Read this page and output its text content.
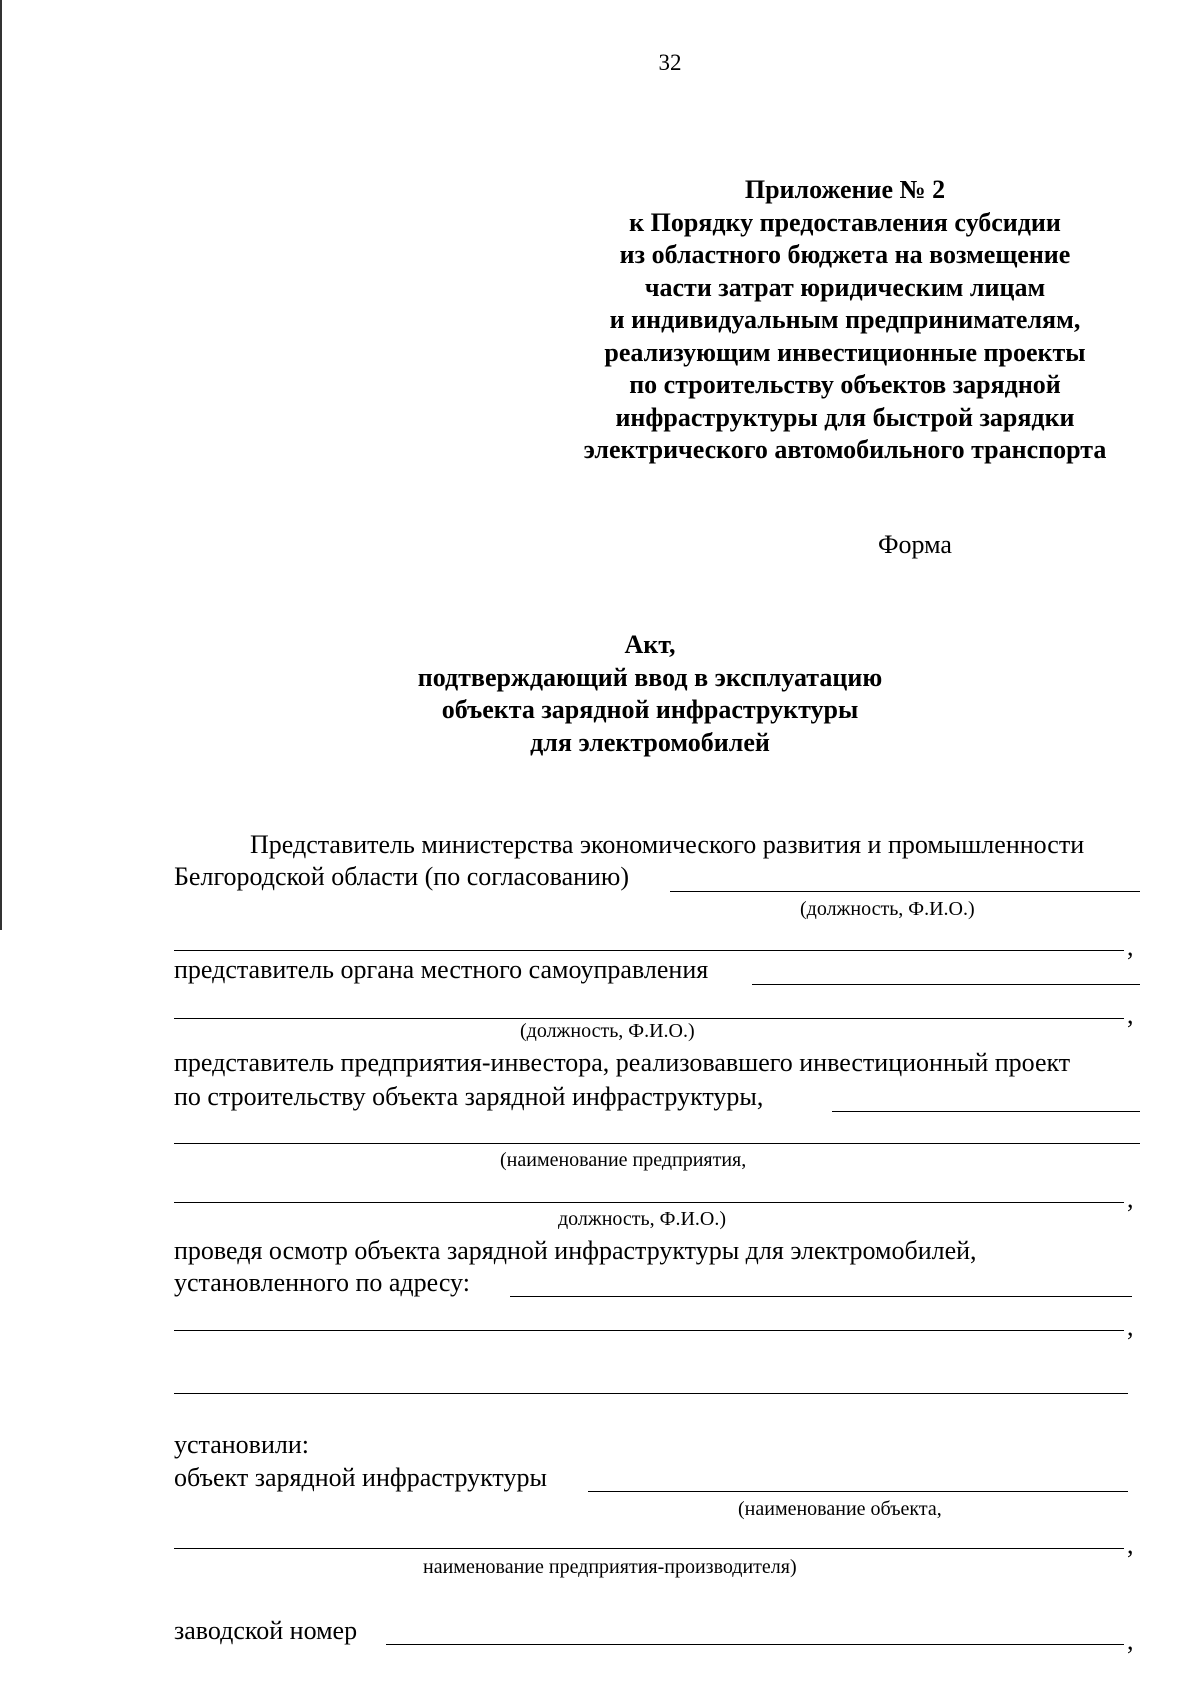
32
Приложение № 2
к Порядку предоставления субсидии
из областного бюджета на возмещение
части затрат юридическим лицам
и индивидуальным предпринимателям,
реализующим инвестиционные проекты
по строительству объектов зарядной
инфраструктуры для быстрой зарядки
электрического автомобильного транспорта
Форма
Акт,
подтверждающий ввод в эксплуатацию
объекта зарядной инфраструктуры
для электромобилей
Представитель министерства экономического развития и промышленности
Белгородской области (по согласованию)
(должность, Ф.И.О.)
,
представитель органа местного самоуправления
,
(должность, Ф.И.О.)
представитель предприятия-инвестора, реализовавшего инвестиционный проект
по строительству объекта зарядной инфраструктуры,
(наименование предприятия,
,
должность, Ф.И.О.)
проведя осмотр объекта зарядной инфраструктуры для электромобилей,
установленного по адресу:
,
установили:
объект зарядной инфраструктуры
(наименование объекта,
,
наименование предприятия-производителя)
заводской номер	,
